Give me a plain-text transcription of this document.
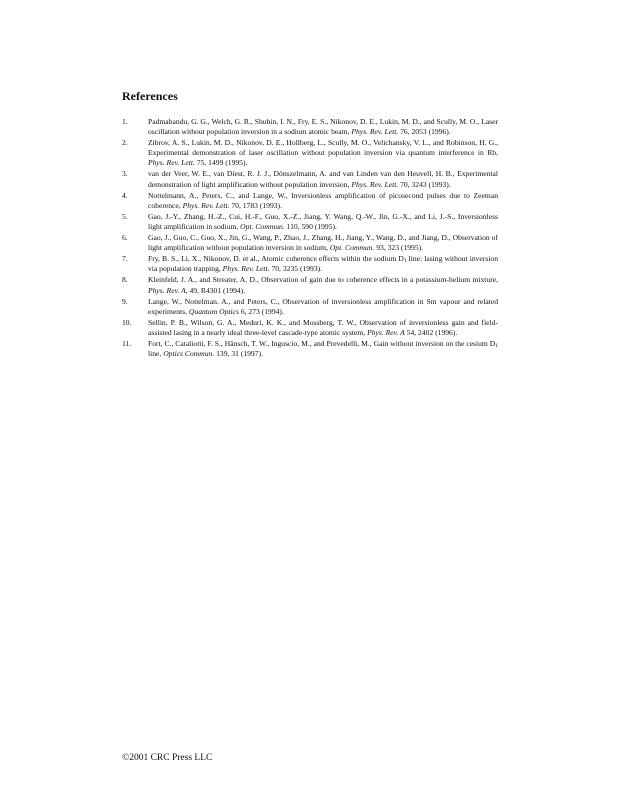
References
1.	Padmabandu, G. G., Welch, G. R., Shubin, I. N., Fry, E. S., Nikonov, D. E., Lukin, M. D., and Scully, M. O., Laser oscillation without population inversion in a sodium atomic beam, Phys. Rev. Lett. 76, 2053 (1996).
2.	Zibrov, A. S., Lukin, M. D., Nikonov, D. E., Hollberg, L., Scully, M. O., Velichansky, V. L., and Robinson, H. G., Experimental demonstration of laser oscillation without population inversion via quantum interference in Rb, Phys. Rev. Lett. 75, 1499 (1995).
3.	van der Veer, W. E., van Diest, R. J. J., Dönszelmann, A. and van Linden van den Heuvell, H. B., Experimental demonstration of light amplification without population inversion, Phys. Rev. Lett. 70, 3243 (1993).
4.	Nottelmann, A., Peters, C., and Lange, W., Inversionless amplification of picosecond pulses due to Zeeman coherence, Phys. Rev. Lett. 70, 1783 (1993).
5.	Gao, J.-Y., Zhang, H.-Z., Cui, H.-F., Guo, X.-Z., Jiang, Y. Wang, Q.-W., Jin, G.-X., and Li, J.-S., Inversionless light amplification in sodium, Opt. Commun. 110, 590 (1995).
6.	Gao, J., Guo, C., Guo, X., Jin, G., Wang, P., Zhao, J., Zhang, H., Jiang, Y., Wang, D., and Jiang, D., Observation of light amplification without population inversion in sodium, Opt. Commun. 93, 323 (1995).
7.	Fry, B. S., Li, X., Nikonov, D. et al., Atomic coherence effects within the sodium $D_1$ line: lasing without inversion via population trapping, Phys. Rev. Lett. 70, 3235 (1993).
8.	Kleinfeld, J. A., and Streater, A. D., Observation of gain due to coherence effects in a potassium-helium mixture, Phys. Rev. A, 49, R4301 (1994).
9.	Lange, W., Nottelman. A., and Peters, C., Observation of inversionless amplification in Sm vapour and related experiments, Quantum Optics 6, 273 (1994).
10. Sellin, P. B., Wilson, G. A., Meduri, K. K., and Mossberg, T. W., Observation of inversionless gain and field-assisted lasing in a nearly ideal three-level cascade-type atomic system, Phys. Rev. A 54, 2402 (1996).
11. Fort, C., Cataliotti, F. S., Hänsch, T. W., Inguscio, M., and Prevedelli, M., Gain without inversion on the cesium $D_1$ line, Optics Commun. 139, 31 (1997).

©2001 CRC Press LLC
